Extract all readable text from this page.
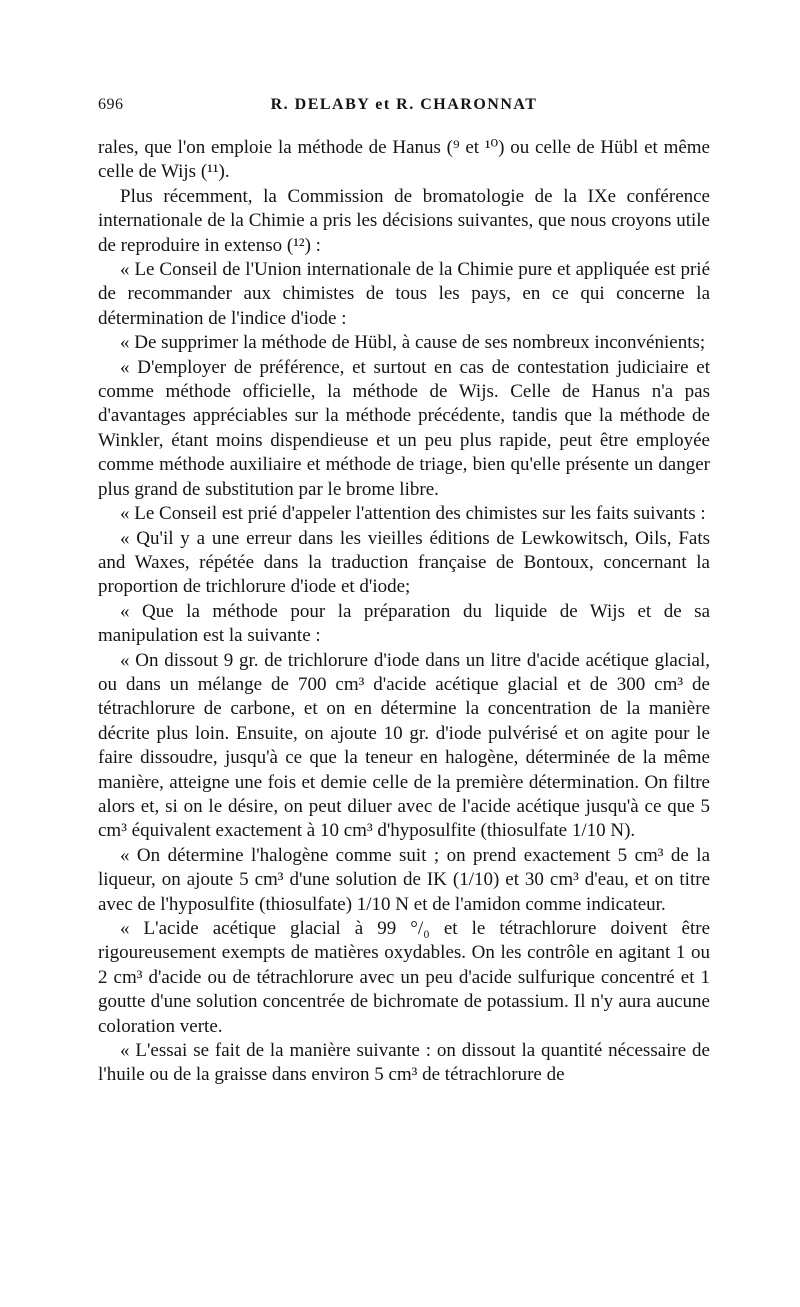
696	R. DELABY et R. CHARONNAT

rales, que l'on emploie la méthode de Hanus (⁹ et ¹⁰) ou celle de Hübl et même celle de Wijs (¹¹).

Plus récemment, la Commission de bromatologie de la IXe conférence internationale de la Chimie a pris les décisions suivantes, que nous croyons utile de reproduire in extenso (¹²) :

« Le Conseil de l'Union internationale de la Chimie pure et appliquée est prié de recommander aux chimistes de tous les pays, en ce qui concerne la détermination de l'indice d'iode :

« De supprimer la méthode de Hübl, à cause de ses nombreux inconvénients;

« D'employer de préférence, et surtout en cas de contestation judiciaire et comme méthode officielle, la méthode de Wijs. Celle de Hanus n'a pas d'avantages appréciables sur la méthode précédente, tandis que la méthode de Winkler, étant moins dispendieuse et un peu plus rapide, peut être employée comme méthode auxiliaire et méthode de triage, bien qu'elle présente un danger plus grand de substitution par le brome libre.

« Le Conseil est prié d'appeler l'attention des chimistes sur les faits suivants :

« Qu'il y a une erreur dans les vieilles éditions de Lewkowitsch, Oils, Fats and Waxes, répétée dans la traduction française de Bontoux, concernant la proportion de trichlorure d'iode et d'iode;

« Que la méthode pour la préparation du liquide de Wijs et de sa manipulation est la suivante :

« On dissout 9 gr. de trichlorure d'iode dans un litre d'acide acétique glacial, ou dans un mélange de 700 cm³ d'acide acétique glacial et de 300 cm³ de tétrachlorure de carbone, et on en détermine la concentration de la manière décrite plus loin. Ensuite, on ajoute 10 gr. d'iode pulvérisé et on agite pour le faire dissoudre, jusqu'à ce que la teneur en halogène, déterminée de la même manière, atteigne une fois et demie celle de la première détermination. On filtre alors et, si on le désire, on peut diluer avec de l'acide acétique jusqu'à ce que 5 cm³ équivalent exactement à 10 cm³ d'hyposulfite (thiosulfate 1/10 N).

« On détermine l'halogène comme suit ; on prend exactement 5 cm³ de la liqueur, on ajoute 5 cm³ d'une solution de IK (1/10) et 30 cm³ d'eau, et on titre avec de l'hyposulfite (thiosulfate) 1/10 N et de l'amidon comme indicateur.

« L'acide acétique glacial à 99 °/₀ et le tétrachlorure doivent être rigoureusement exempts de matières oxydables. On les contrôle en agitant 1 ou 2 cm³ d'acide ou de tétrachlorure avec un peu d'acide sulfurique concentré et 1 goutte d'une solution concentrée de bichromate de potassium. Il n'y aura aucune coloration verte.

« L'essai se fait de la manière suivante : on dissout la quantité nécessaire de l'huile ou de la graisse dans environ 5 cm³ de tétrachlorure de
